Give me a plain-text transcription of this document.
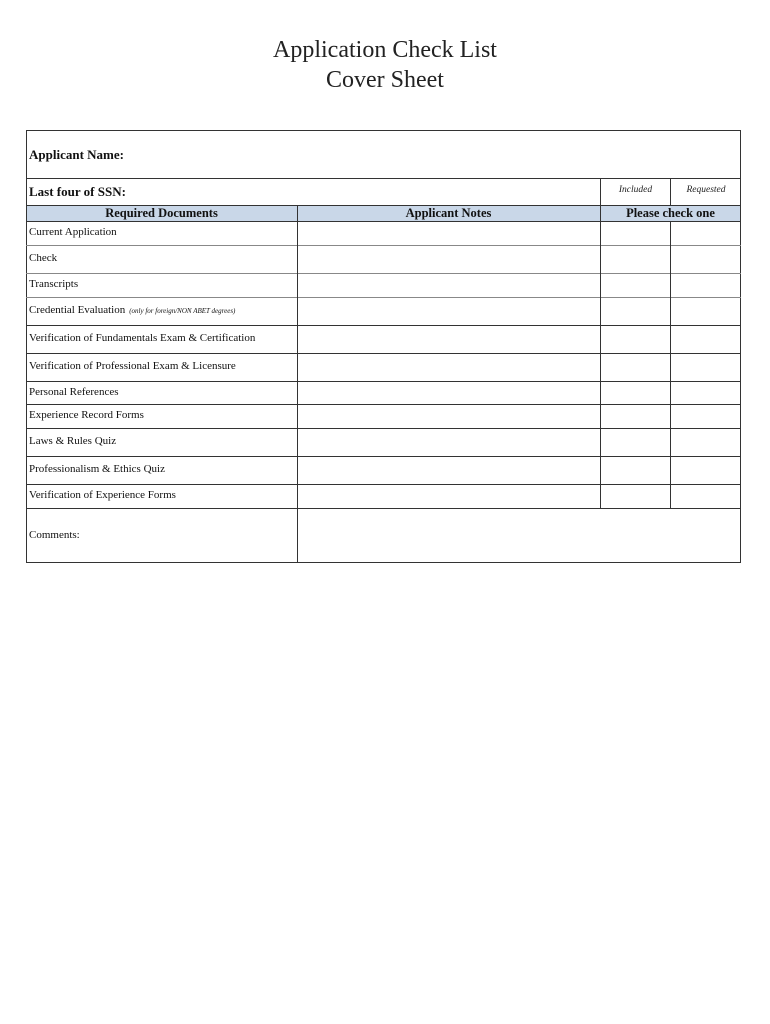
Application Check List
Cover Sheet
Applicant Name:
Last four of SSN:	Included	Requested
Required Documents	Applicant Notes	Please check one
Current Application
Check
Transcripts
Credential Evaluation (only for foreign/NON ABET degrees)
Verification of Fundamentals Exam & Certification
Verification of Professional Exam & Licensure
Personal References
Experience Record Forms
Laws & Rules Quiz
Professionalism & Ethics Quiz
Verification of Experience Forms
Comments:
